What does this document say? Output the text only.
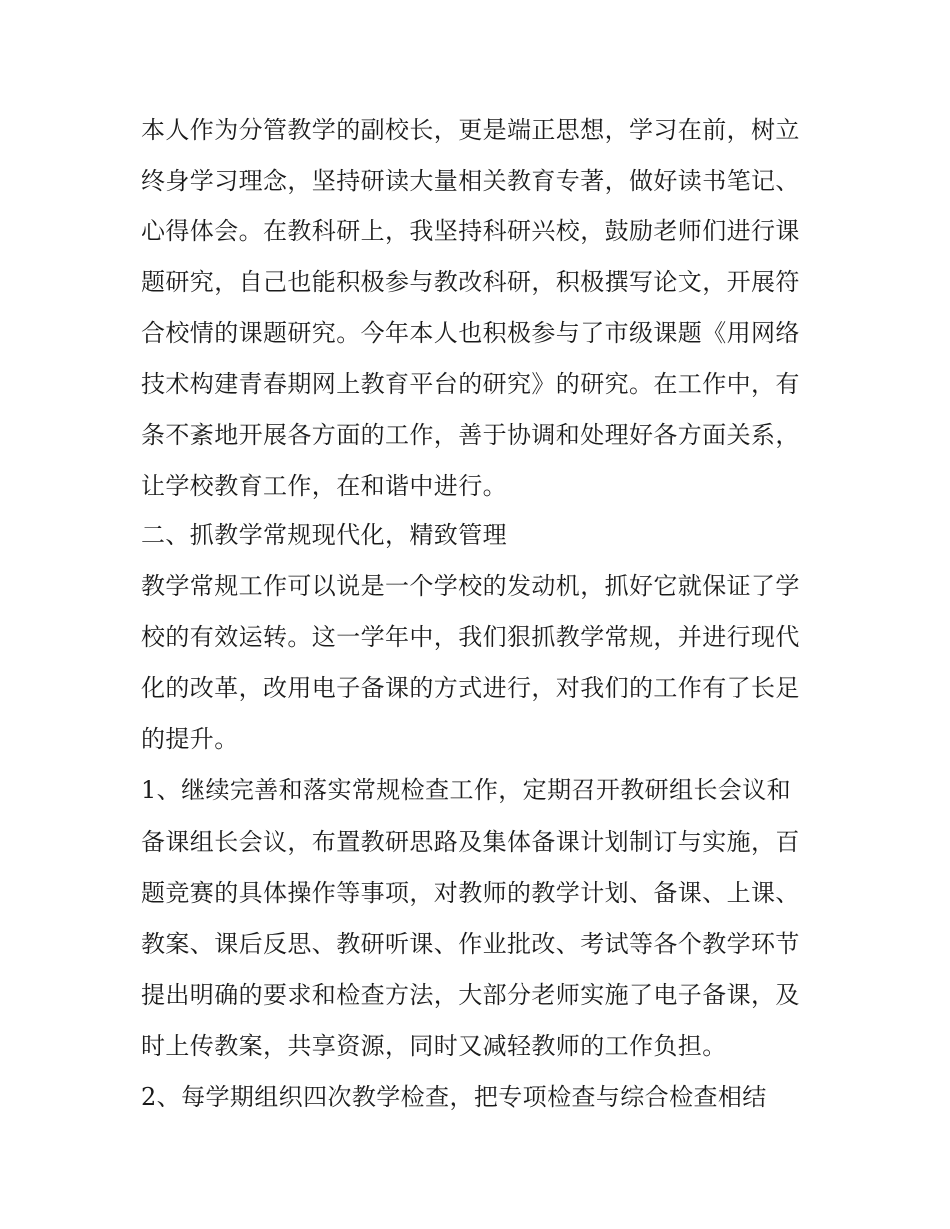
本人作为分管教学的副校长，更是端正思想，学习在前，树立

终身学习理念，坚持研读大量相关教育专著，做好读书笔记、

心得体会。在教科研上，我坚持科研兴校，鼓励老师们进行课

题研究，自己也能积极参与教改科研，积极撰写论文，开展符

合校情的课题研究。今年本人也积极参与了市级课题《用网络

技术构建青春期网上教育平台的研究》的研究。在工作中，有

条不紊地开展各方面的工作，善于协调和处理好各方面关系，

让学校教育工作，在和谐中进行。

二、抓教学常规现代化，精致管理

教学常规工作可以说是一个学校的发动机，抓好它就保证了学

校的有效运转。这一学年中，我们狠抓教学常规，并进行现代

化的改革，改用电子备课的方式进行，对我们的工作有了长足

的提升。

1、继续完善和落实常规检查工作，定期召开教研组长会议和

备课组长会议，布置教研思路及集体备课计划制订与实施，百

题竞赛的具体操作等事项，对教师的教学计划、备课、上课、

教案、课后反思、教研听课、作业批改、考试等各个教学环节

提出明确的要求和检查方法，大部分老师实施了电子备课，及

时上传教案，共享资源，同时又减轻教师的工作负担。

2、每学期组织四次教学检查，把专项检查与综合检查相结
